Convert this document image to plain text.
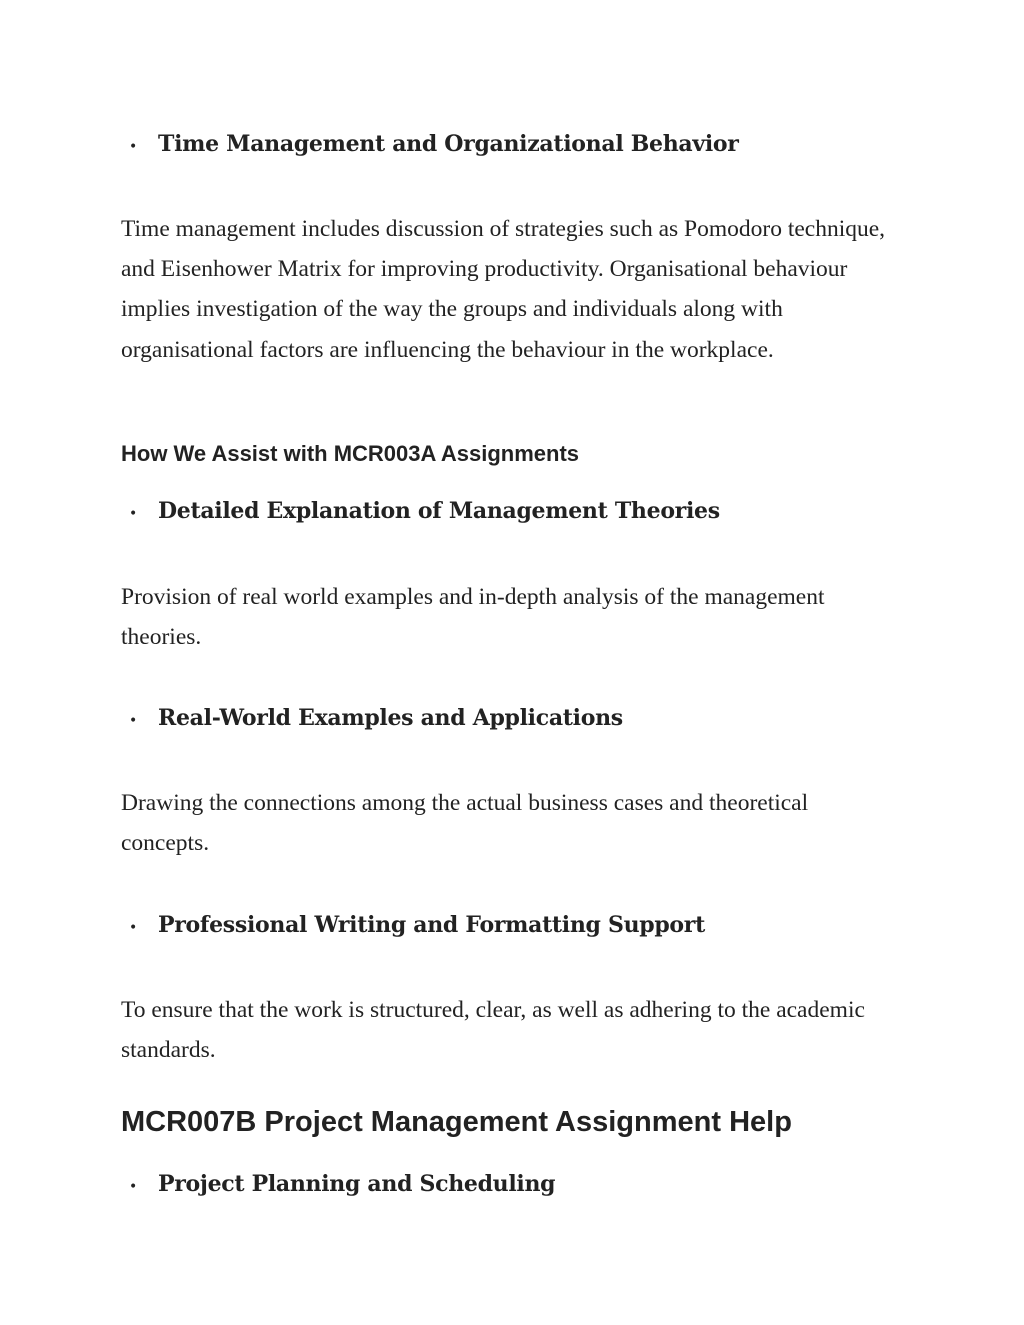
• Time Management and Organizational Behavior

Time management includes discussion of strategies such as Pomodoro technique, and Eisenhower Matrix for improving productivity. Organisational behaviour implies investigation of the way the groups and individuals along with organisational factors are influencing the behaviour in the workplace.

How We Assist with MCR003A Assignments
• Detailed Explanation of Management Theories

Provision of real world examples and in-depth analysis of the management theories.

• Real-World Examples and Applications

Drawing the connections among the actual business cases and theoretical concepts.

• Professional Writing and Formatting Support

To ensure that the work is structured, clear, as well as adhering to the academic standards.

MCR007B Project Management Assignment Help
• Project Planning and Scheduling
